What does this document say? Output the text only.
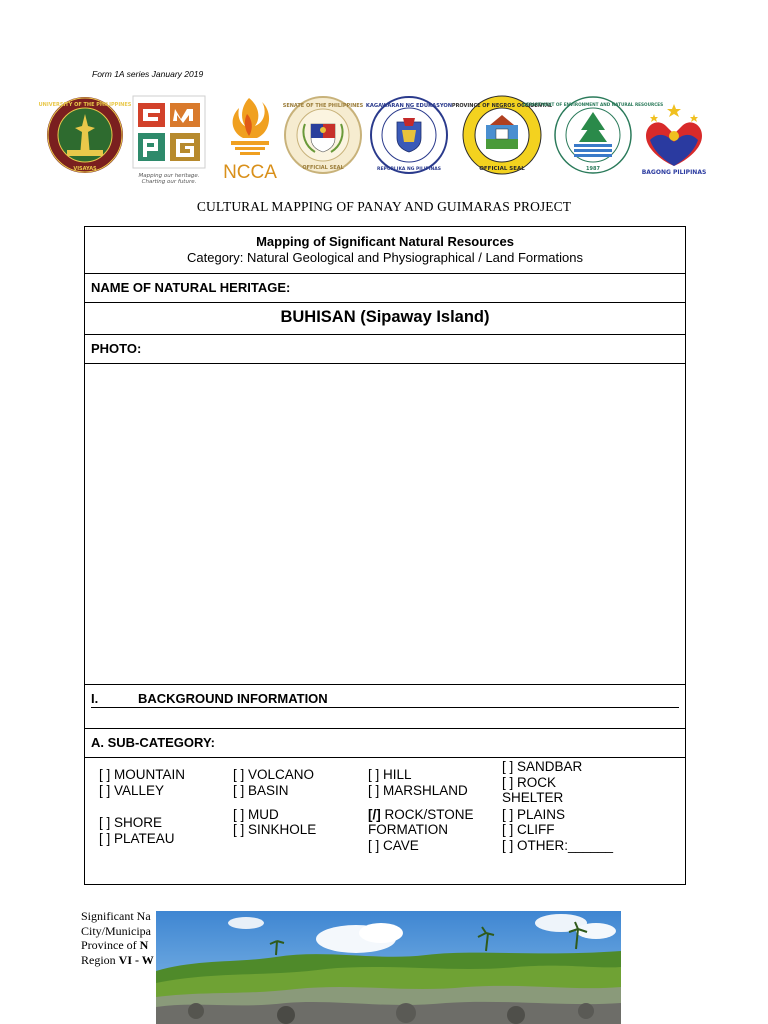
Form 1A series January 2019
UNIVERSITY OF THE PHILIPPINES
VISAYAS
Mapping our heritage.
Charting our future. NCCA
SENATE OF THE PHILIPPINES
OFFICIAL SEAL
KAGAWARAN NG EDUKASYON
REPUBLIKA NG PILIPINAS
PROVINCE OF NEGROS OCCIDENTAL
OFFICIAL SEAL
DEPARTMENT OF ENVIRONMENT AND NATURAL RESOURCES
1987	BAGONG PILIPINAS
CULTURAL MAPPING OF PANAY AND GUIMARAS PROJECT
Mapping of Significant Natural Resources
Category: Natural Geological and Physiographical / Land Formations
NAME OF NATURAL HERITAGE:
BUHISAN (Sipaway Island)
PHOTO:
I.	BACKGROUND INFORMATION
A. SUB-CATEGORY:
[ ] MOUNTAIN
[ ] VALLEY
[ ] SHORE
[ ] PLATEAU
[ ] VOLCANO
[ ] BASIN
[ ] MUD
[ ] SINKHOLE
[ ] HILL
[ ] MARSHLAND
[/] ROCK/STONE
FORMATION
[ ] CAVE
[ ] SANDBAR
[ ] ROCK
SHELTER
[ ] PLAINS
[ ] CLIFF
[ ] OTHER:______
Significant Na
City/Municipa
Province of N
Region VI - W
